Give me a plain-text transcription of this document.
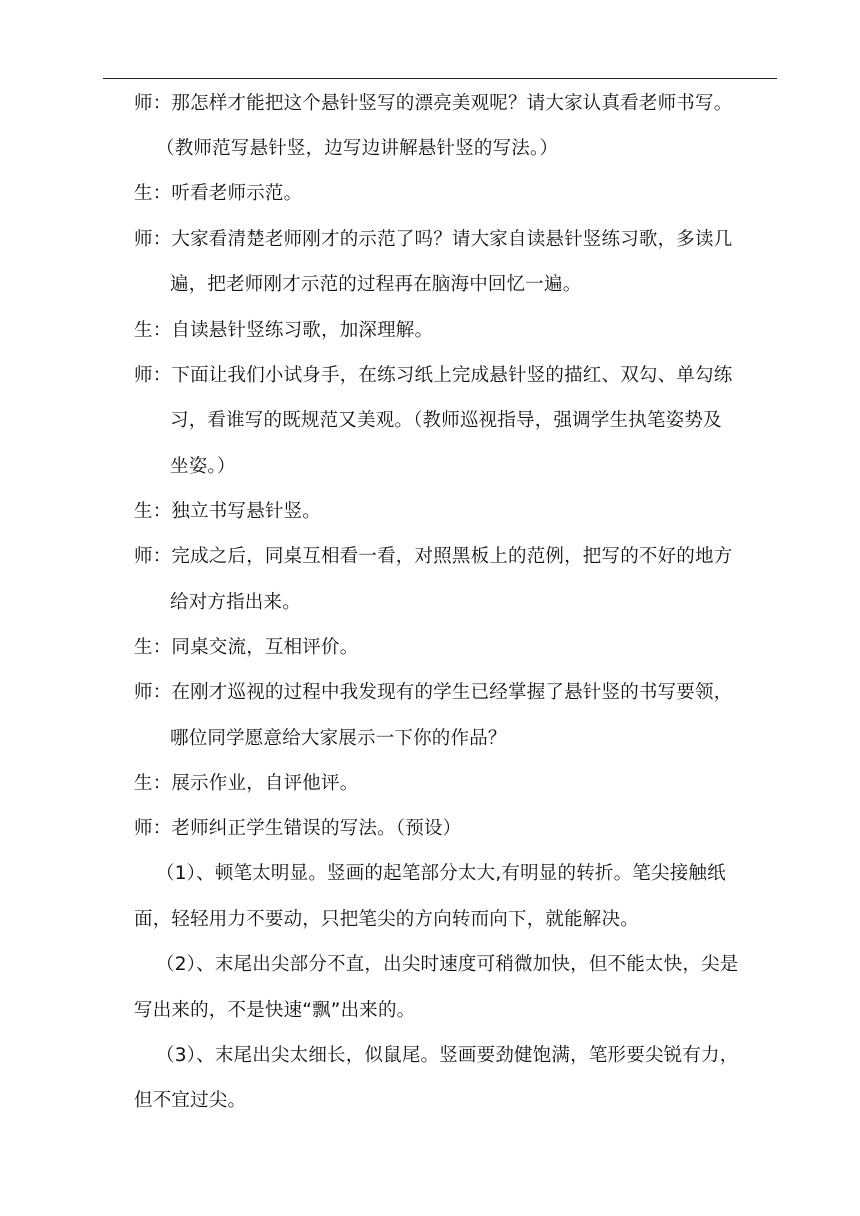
师：那怎样才能把这个悬针竖写的漂亮美观呢？请大家认真看老师书写。
（教师范写悬针竖，边写边讲解悬针竖的写法。）
生：听看老师示范。
师：大家看清楚老师刚才的示范了吗？请大家自读悬针竖练习歌，多读几
遍，把老师刚才示范的过程再在脑海中回忆一遍。
生：自读悬针竖练习歌，加深理解。
师：下面让我们小试身手，在练习纸上完成悬针竖的描红、双勾、单勾练
习，看谁写的既规范又美观。（教师巡视指导，强调学生执笔姿势及
坐姿。）
生：独立书写悬针竖。
师：完成之后，同桌互相看一看，对照黑板上的范例，把写的不好的地方
给对方指出来。
生：同桌交流，互相评价。
师：在刚才巡视的过程中我发现有的学生已经掌握了悬针竖的书写要领，
哪位同学愿意给大家展示一下你的作品？
生：展示作业，自评他评。
师：老师纠正学生错误的写法。（预设）
（1）、顿笔太明显。竖画的起笔部分太大,有明显的转折。笔尖接触纸
面，轻轻用力不要动，只把笔尖的方向转而向下，就能解决。
（2）、末尾出尖部分不直，出尖时速度可稍微加快，但不能太快，尖是
写出来的，不是快速“飘”出来的。
（3）、末尾出尖太细长，似鼠尾。竖画要劲健饱满，笔形要尖锐有力，
但不宜过尖。
